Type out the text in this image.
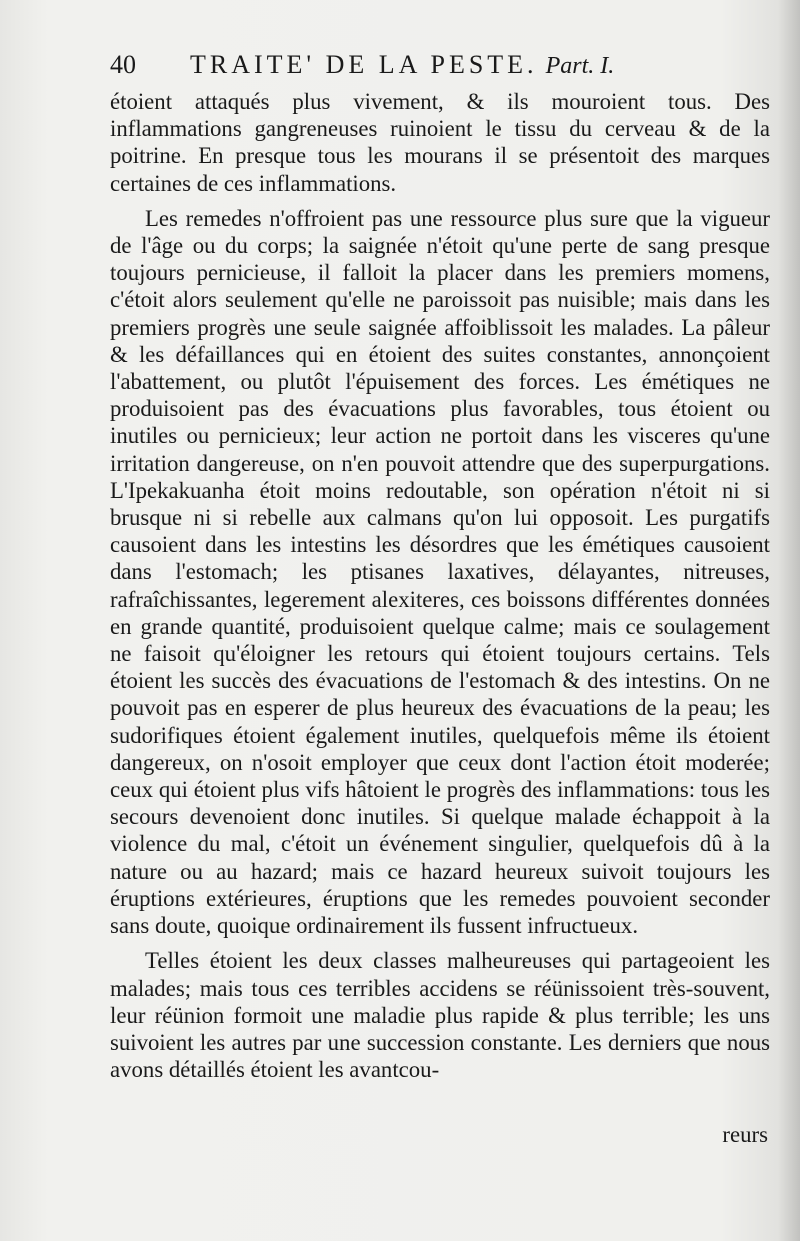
40	TRAITE' DE LA PESTE. Part. I.

étoient attaqués plus vivement, & ils mouroient tous. Des inflammations gangreneuses ruinoient le tissu du cerveau & de la poitrine. En presque tous les mourans il se présentoit des marques certaines de ces inflammations.

Les remedes n'offroient pas une ressource plus sure que la vigueur de l'âge ou du corps; la saignée n'étoit qu'une perte de sang presque toujours pernicieuse, il falloit la placer dans les premiers momens, c'étoit alors seulement qu'elle ne paroissoit pas nuisible; mais dans les premiers progrès une seule saignée affoiblissoit les malades. La pâleur & les défaillances qui en étoient des suites constantes, annonçoient l'abattement, ou plutôt l'épuisement des forces. Les émétiques ne produisoient pas des évacuations plus favorables, tous étoient ou inutiles ou pernicieux; leur action ne portoit dans les visceres qu'une irritation dangereuse, on n'en pouvoit attendre que des superpurgations. L'Ipekakuanha étoit moins redoutable, son opération n'étoit ni si brusque ni si rebelle aux calmans qu'on lui opposoit. Les purgatifs causoient dans les intestins les désordres que les émétiques causoient dans l'estomach; les ptisanes laxatives, délayantes, nitreuses, rafraîchissantes, legerement alexiteres, ces boissons différentes données en grande quantité, produisoient quelque calme; mais ce soulagement ne faisoit qu'éloigner les retours qui étoient toujours certains. Tels étoient les succès des évacuations de l'estomach & des intestins. On ne pouvoit pas en esperer de plus heureux des évacuations de la peau; les sudorifiques étoient également inutiles, quelquefois même ils étoient dangereux, on n'osoit employer que ceux dont l'action étoit moderée; ceux qui étoient plus vifs hâtoient le progrès des inflammations: tous les secours devenoient donc inutiles. Si quelque malade échappoit à la violence du mal, c'étoit un événement singulier, quelquefois dû à la nature ou au hazard; mais ce hazard heureux suivoit toujours les éruptions extérieures, éruptions que les remedes pouvoient seconder sans doute, quoique ordinairement ils fussent infructueux.

Telles étoient les deux classes malheureuses qui partageoient les malades; mais tous ces terribles accidens se réünissoient très-souvent, leur réünion formoit une maladie plus rapide & plus terrible; les uns suivoient les autres par une succession constante. Les derniers que nous avons détaillés étoient les avantcou-

reurs
